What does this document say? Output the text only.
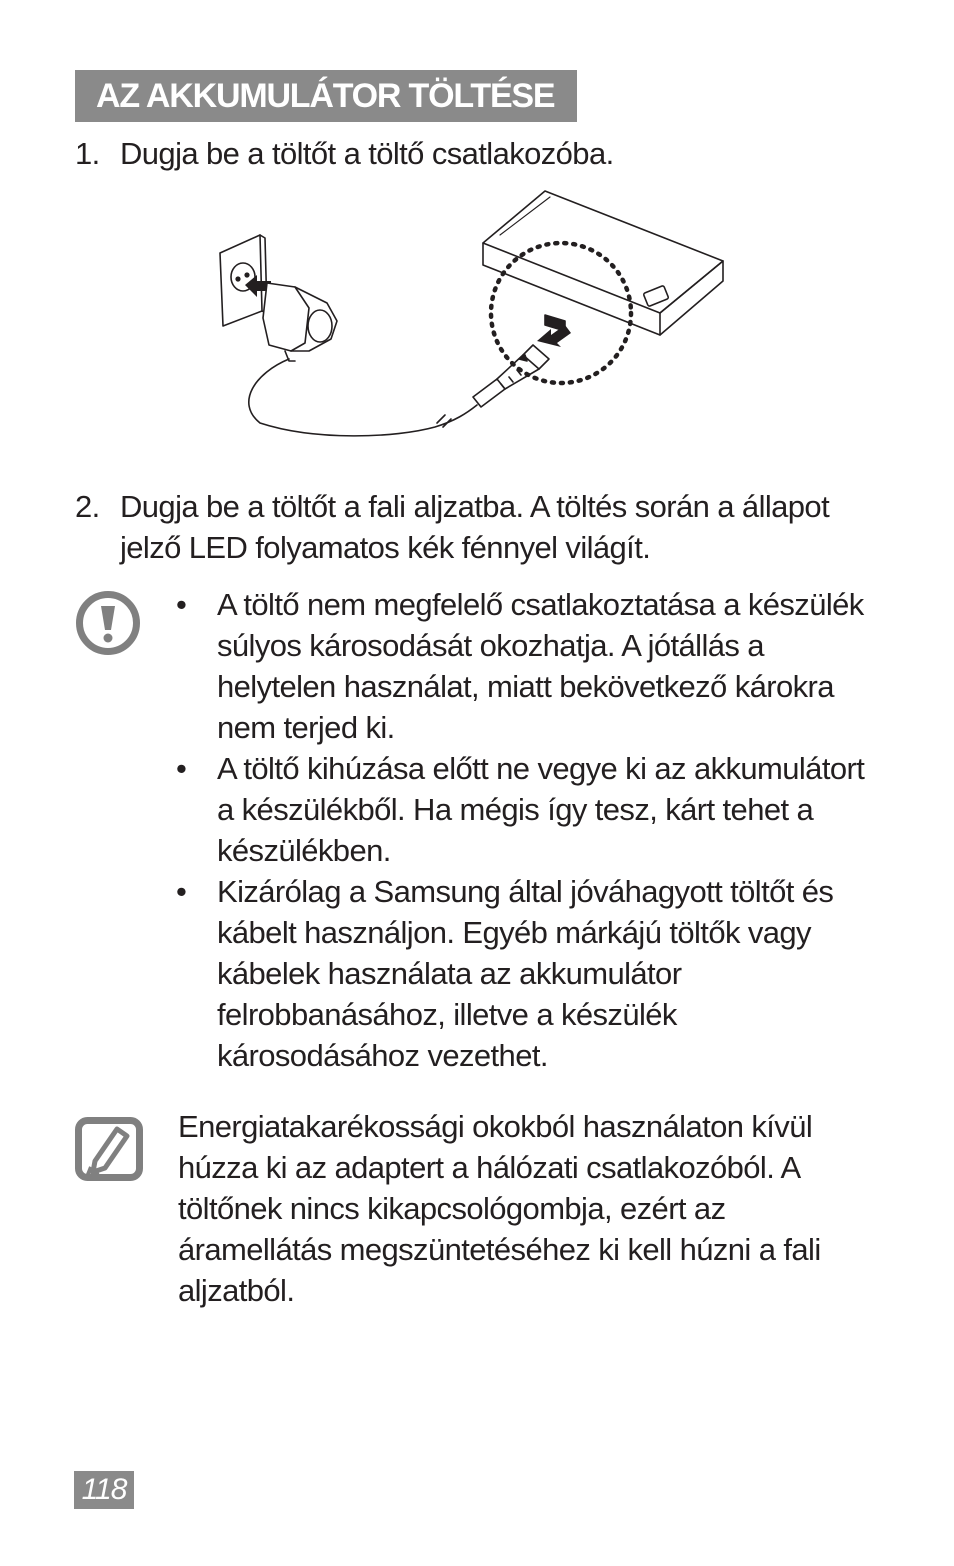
AZ AKKUMULÁTOR TÖLTÉSE
1. Dugja be a töltőt a töltő csatlakozóba.
2. Dugja be a töltőt a fali aljzatba. A töltés során a állapot jelző LED folyamatos kék fénnyel világít.
• A töltő nem megfelelő csatlakoztatása a készülék súlyos károsodását okozhatja. A jótállás a helytelen használat, miatt bekövetkező károkra nem terjed ki.
• A töltő kihúzása előtt ne vegye ki az akkumulátort a készülékből. Ha mégis így tesz, kárt tehet a készülékben.
• Kizárólag a Samsung által jóváhagyott töltőt és kábelt használjon. Egyéb márkájú töltők vagy kábelek használata az akkumulátor felrobbanásához, illetve a készülék károsodásához vezethet.
Energiatakarékossági okokból használaton kívül húzza ki az adaptert a hálózati csatlakozóból. A töltőnek nincs kikapcsológombja, ezért az áramellátás megszüntetéséhez ki kell húzni a fali aljzatból.
118
